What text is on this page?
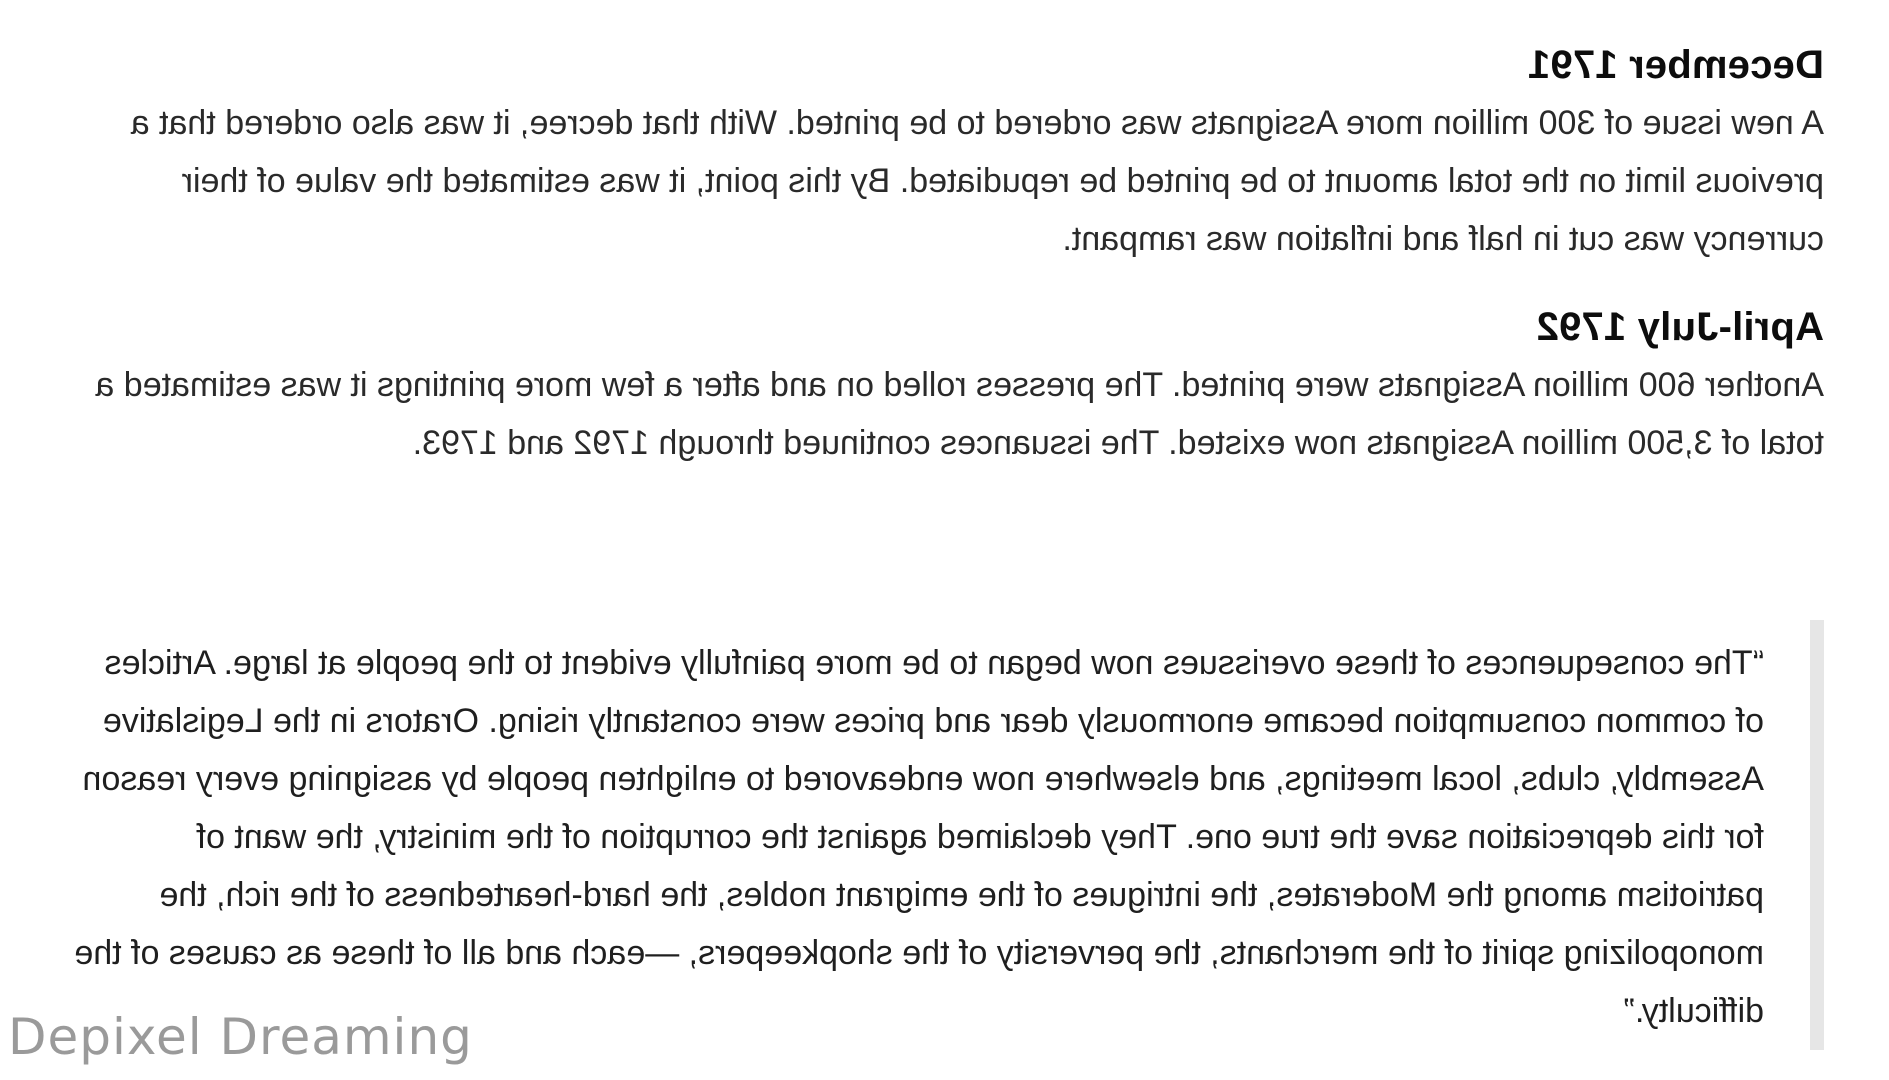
December 1791

A new issue of 300 million more Assignats was ordered to be printed. With that decree, it was also ordered that a previous limit on the total amount to be printed be repudiated. By this point, it was estimated the value of their currency was cut in half and inflation was rampant.

April-July 1792

Another 600 million Assignats were printed. The presses rolled on and after a few more printings it was estimated a total of 3,500 million Assignats now existed. The issuances continued through 1792 and 1793.

“The consequences of these overissues now began to be more painfully evident to the people at large. Articles of common consumption became enormously dear and prices were constantly rising. Orators in the Legislative Assembly, clubs, local meetings, and elsewhere now endeavored to enlighten people by assigning every reason for this depreciation save the true one. They declaimed against the corruption of the ministry, the want of patriotism among the Moderates, the intrigues of the emigrant nobles, the hard-heartedness of the rich, the monopolizing spirit of the merchants, the perversity of the shopkeepers, —each and all of these as causes of the difficulty.”

Depixel Dreaming
